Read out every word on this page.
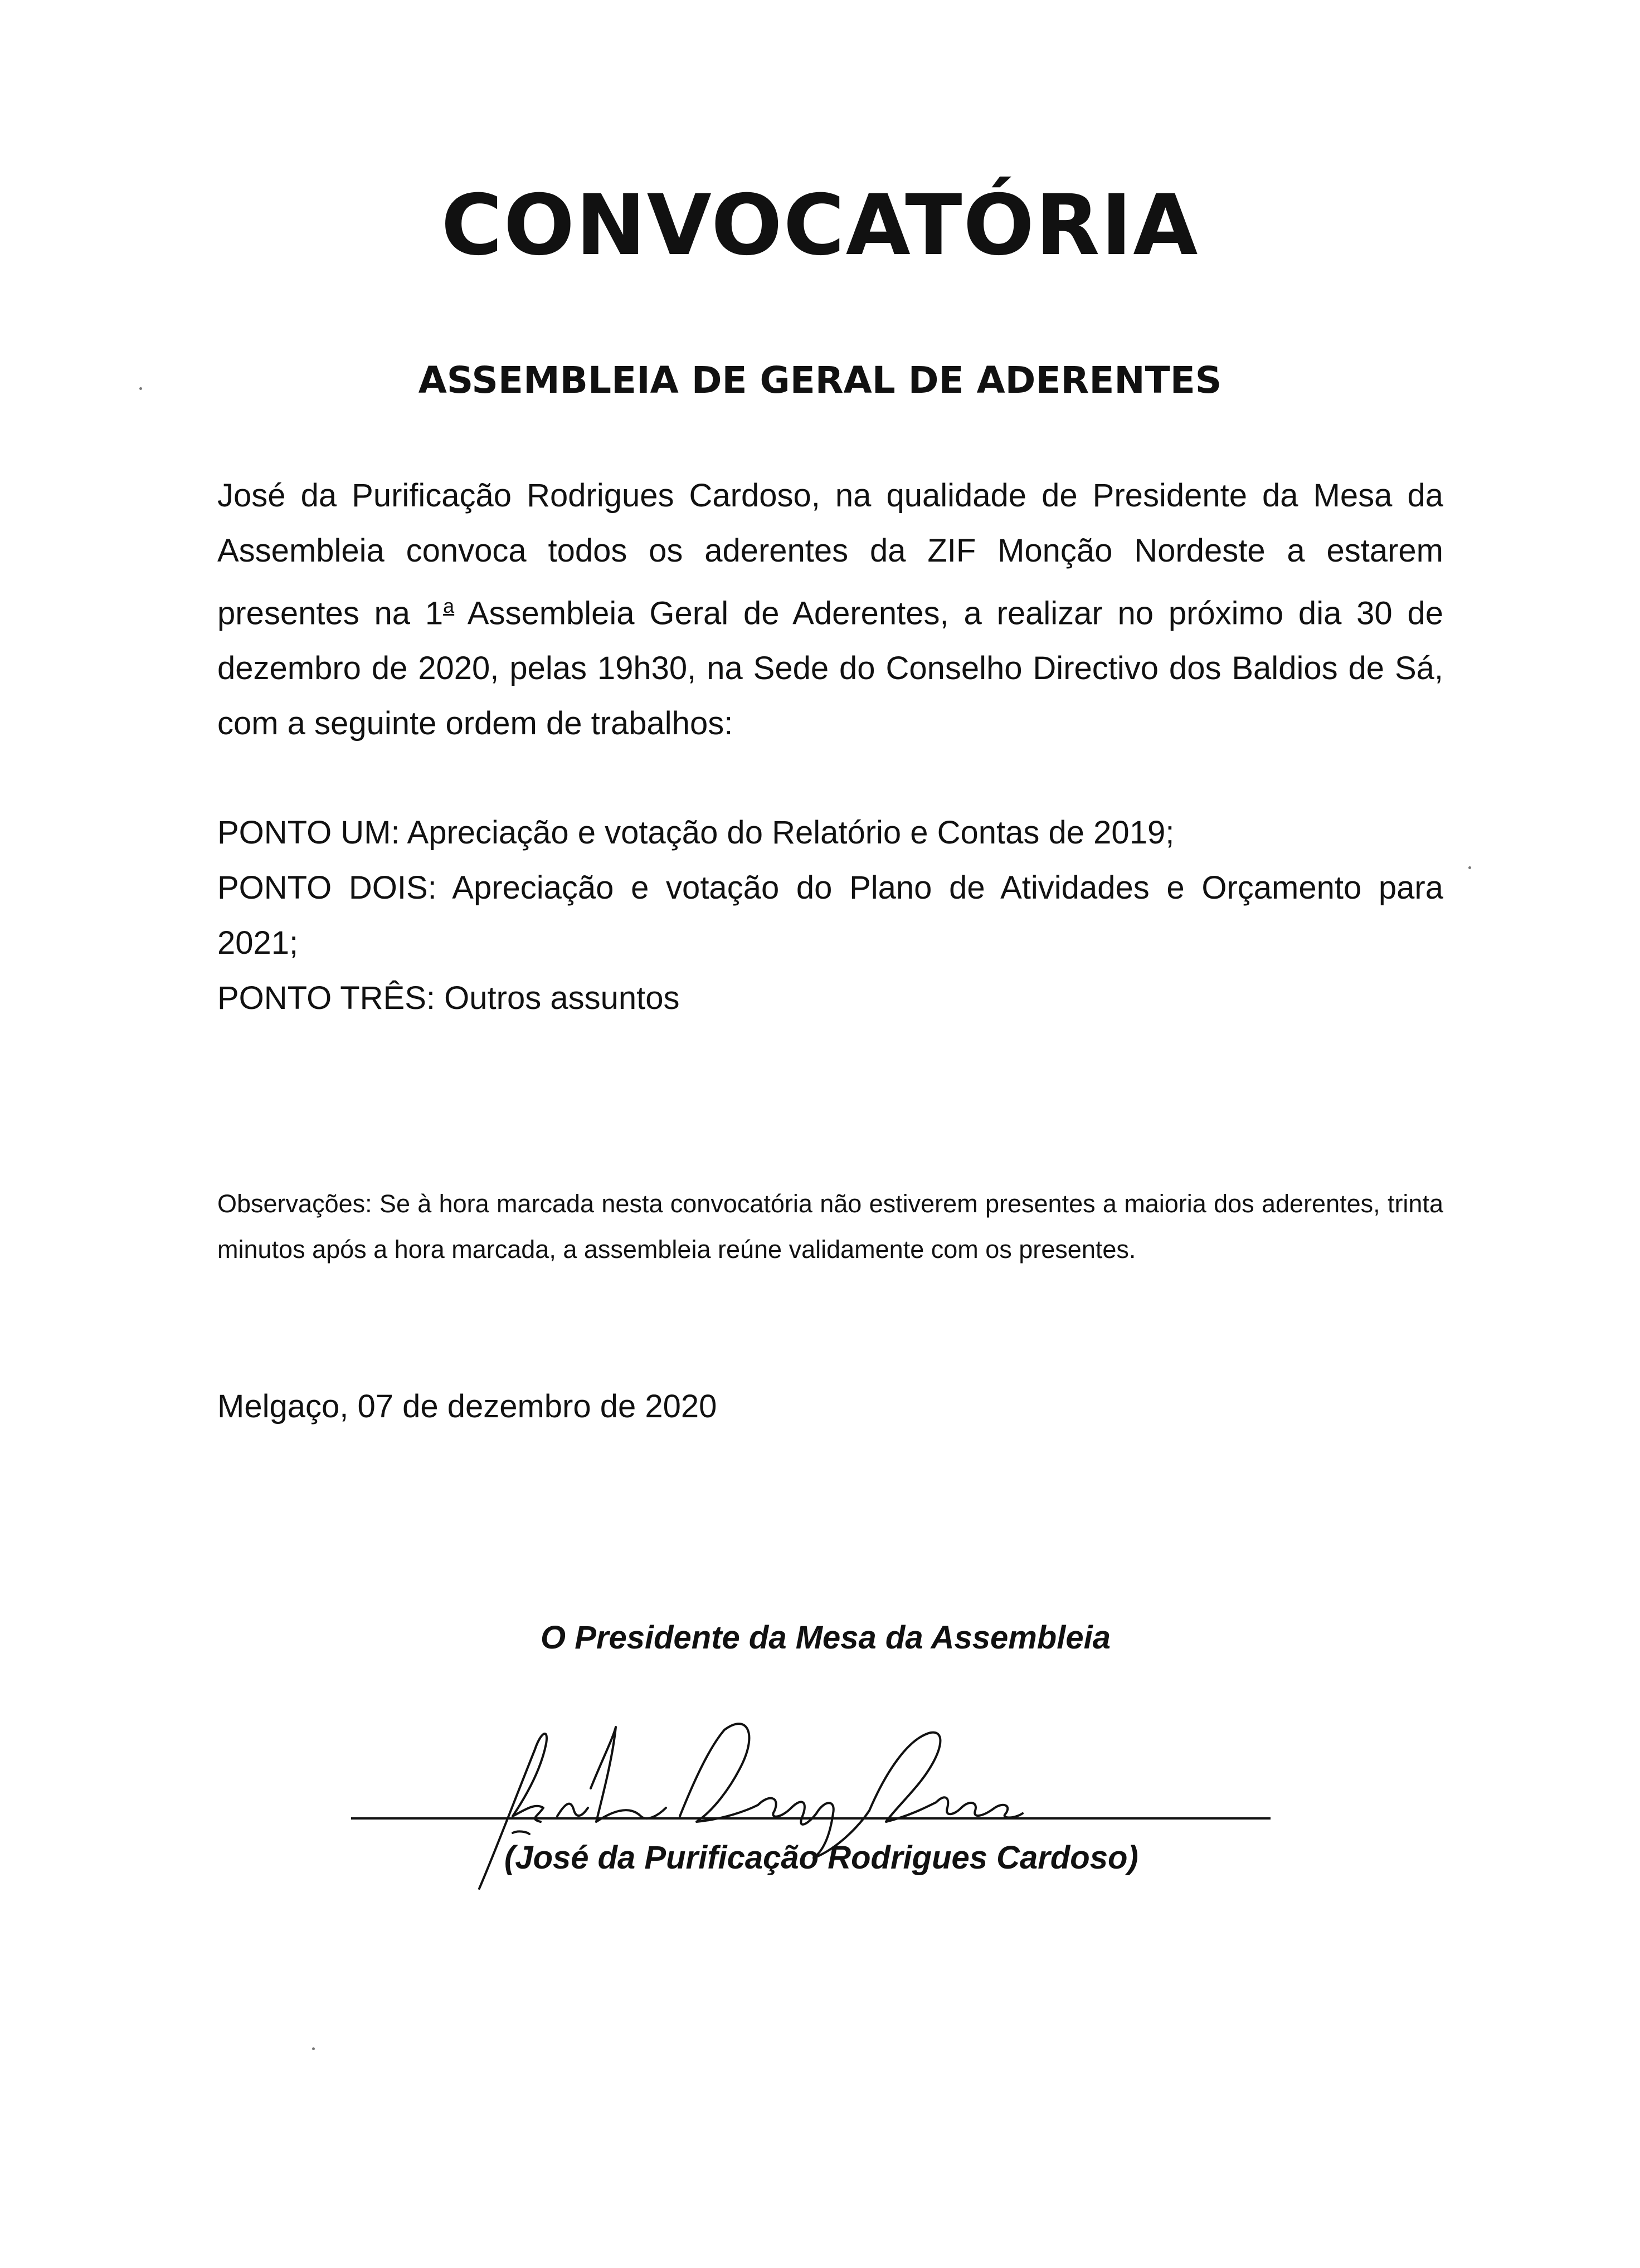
CONVOCATÓRIA
ASSEMBLEIA DE GERAL DE ADERENTES

José da Purificação Rodrigues Cardoso, na qualidade de Presidente da Mesa da Assembleia convoca todos os aderentes da ZIF Monção Nordeste a estarem presentes na 1$^a$ Assembleia Geral de Aderentes, a realizar no próximo dia 30 de dezembro de 2020, pelas 19h30, na Sede do Conselho Directivo dos Baldios de Sá, com a seguinte ordem de trabalhos:

PONTO UM: Apreciação e votação do Relatório e Contas de 2019;
PONTO DOIS: Apreciação e votação do Plano de Atividades e Orçamento para 2021;
PONTO TRÊS: Outros assuntos

Observações: Se à hora marcada nesta convocatória não estiverem presentes a maioria dos aderentes, trinta minutos após a hora marcada, a assembleia reúne validamente com os presentes.

Melgaço, 07 de dezembro de 2020

O Presidente da Mesa da Assembleia

(José da Purificação Rodrigues Cardoso)
